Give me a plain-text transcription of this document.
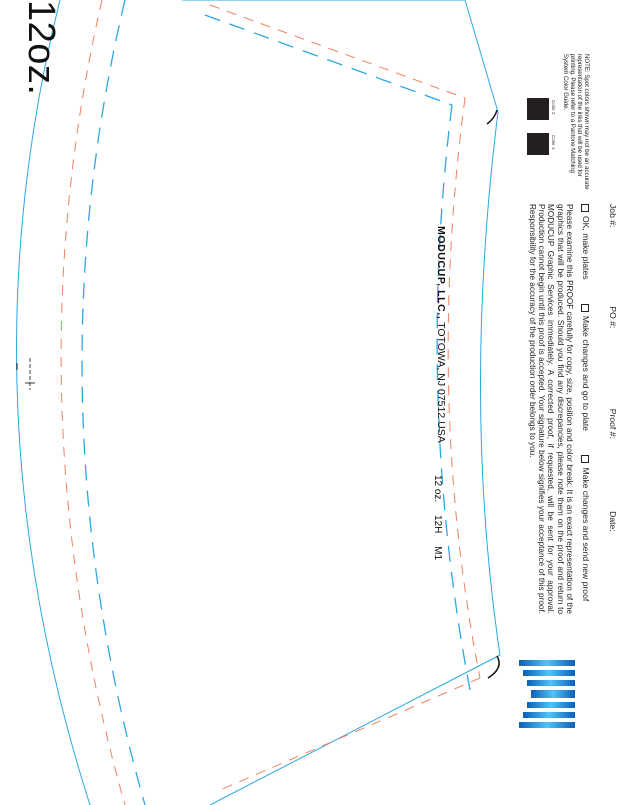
12oz.
MODUCUP, LLC., TOTOWA, NJ 07512 USA
12 oz. 12H M1	Please examine this PROOF carefully for copy, size, position and color break. It is an exact representation of the graphics that will be produced. Should you find any discrepancies, please note them on the proof and return to MODUCUP Graphic Services immediately. A corrected proof, if requested, will be sent for your approval. Production cannot begin until this proof is accepted. Your signature below signifies your acceptance of this proof. Responsibility for the accuracy of the production order belongs to you.	OK, make plates Make changes and go to plate Make changes and send new proof
Job #: PO #: Proof #: Date:
Color 1
Color 2	NOTE: Spot colors shown may not be an accurate representation of the inks that will be used for printing. Please refer to a Pantone Matching System Color Guide.
